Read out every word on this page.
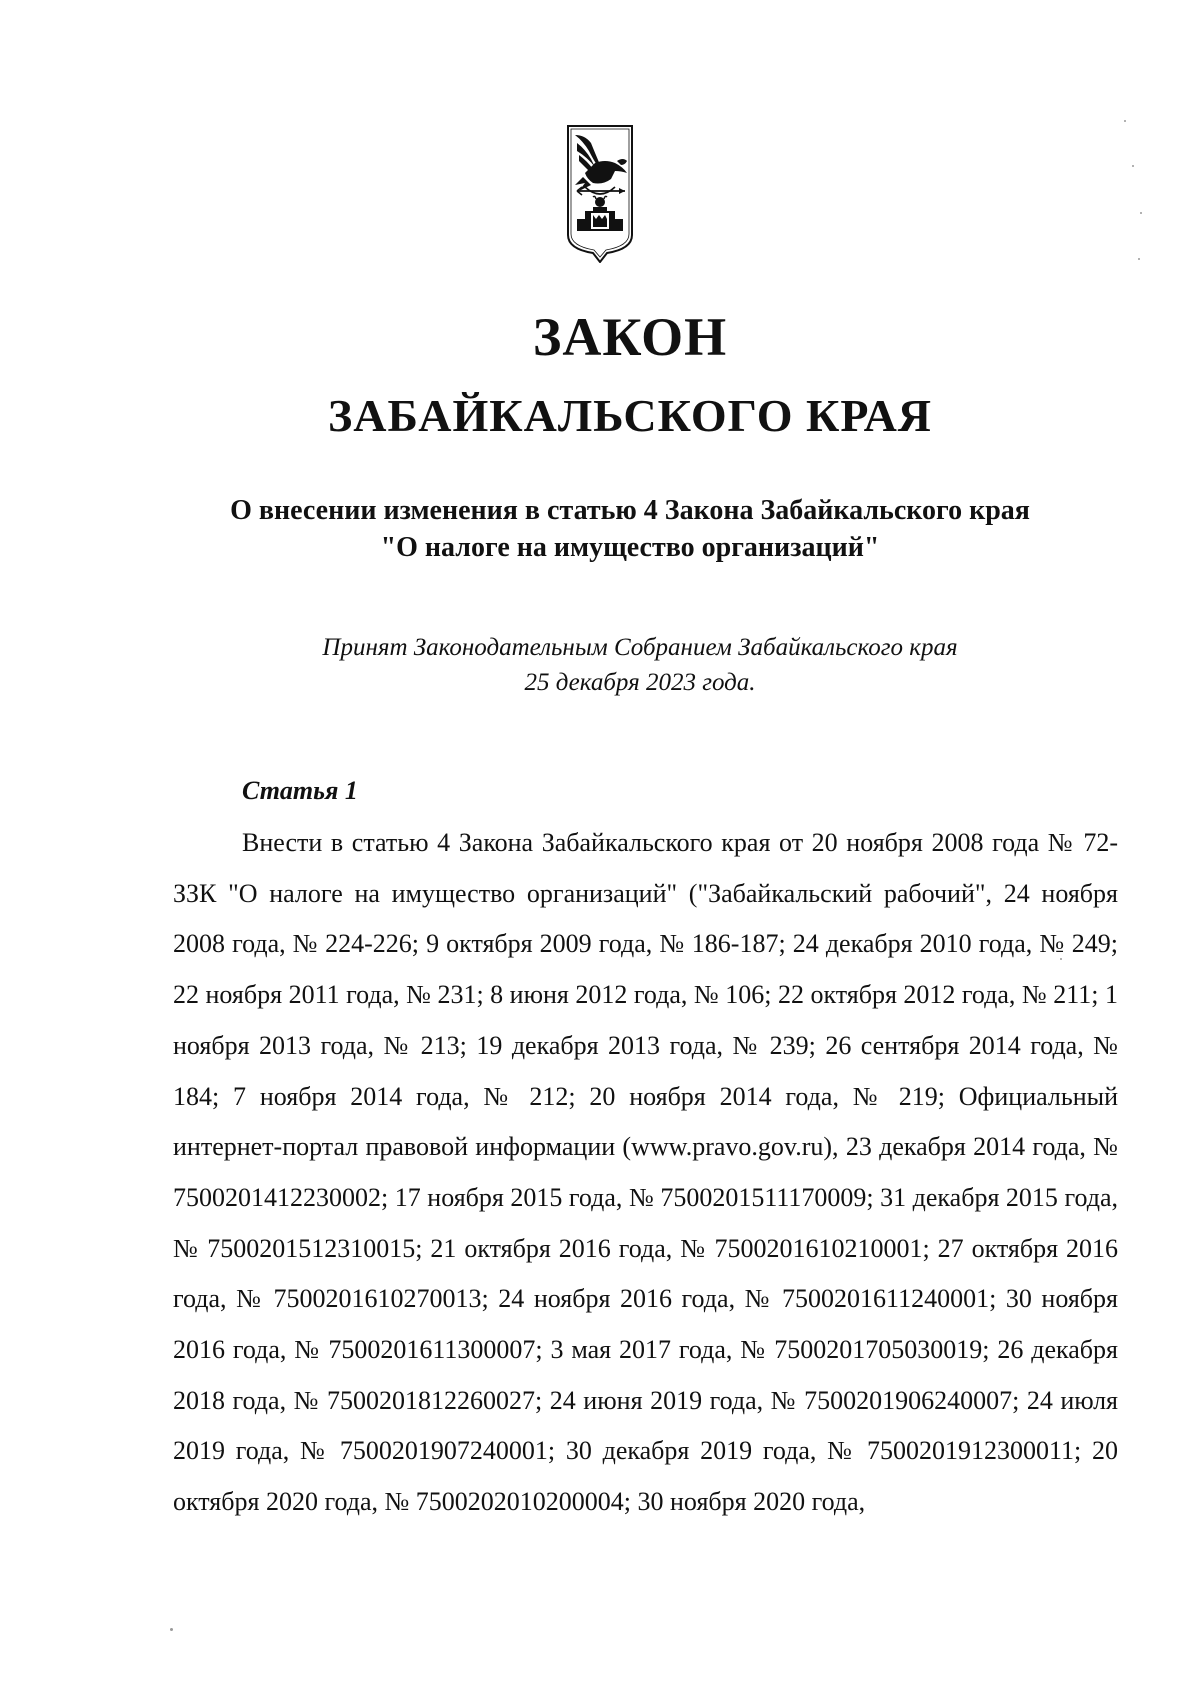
ЗАКОН
ЗАБАЙКАЛЬСКОГО КРАЯ
О внесении изменения в статью 4 Закона Забайкальского края
"О налоге на имущество организаций"
Принят Законодательным Собранием Забайкальского края
25 декабря 2023 года.
Статья 1

Внести в статью 4 Закона Забайкальского края от 20 ноября 2008 года № 72-ЗЗК "О налоге на имущество организаций" ("Забайкальский рабочий", 24 ноября 2008 года, № 224-226; 9 октября 2009 года, № 186-187; 24 декабря 2010 года, № 249; 22 ноября 2011 года, № 231; 8 июня 2012 года, № 106; 22 октября 2012 года, № 211; 1 ноября 2013 года, № 213; 19 декабря 2013 года, № 239; 26 сентября 2014 года, № 184; 7 ноября 2014 года, № 212; 20 ноября 2014 года, № 219; Официальный интернет-портал правовой информации (www.pravo.gov.ru), 23 декабря 2014 года, № 7500201412230002; 17 ноября 2015 года, № 7500201511170009; 31 декабря 2015 года, № 7500201512310015; 21 октября 2016 года, № 7500201610210001; 27 октября 2016 года, № 7500201610270013; 24 ноября 2016 года, № 7500201611240001; 30 ноября 2016 года, № 7500201611300007; 3 мая 2017 года, № 7500201705030019; 26 декабря 2018 года, № 7500201812260027; 24 июня 2019 года, № 7500201906240007; 24 июля 2019 года, № 7500201907240001; 30 декабря 2019 года, № 7500201912300011; 20 октября 2020 года, № 7500202010200004; 30 ноября 2020 года,
